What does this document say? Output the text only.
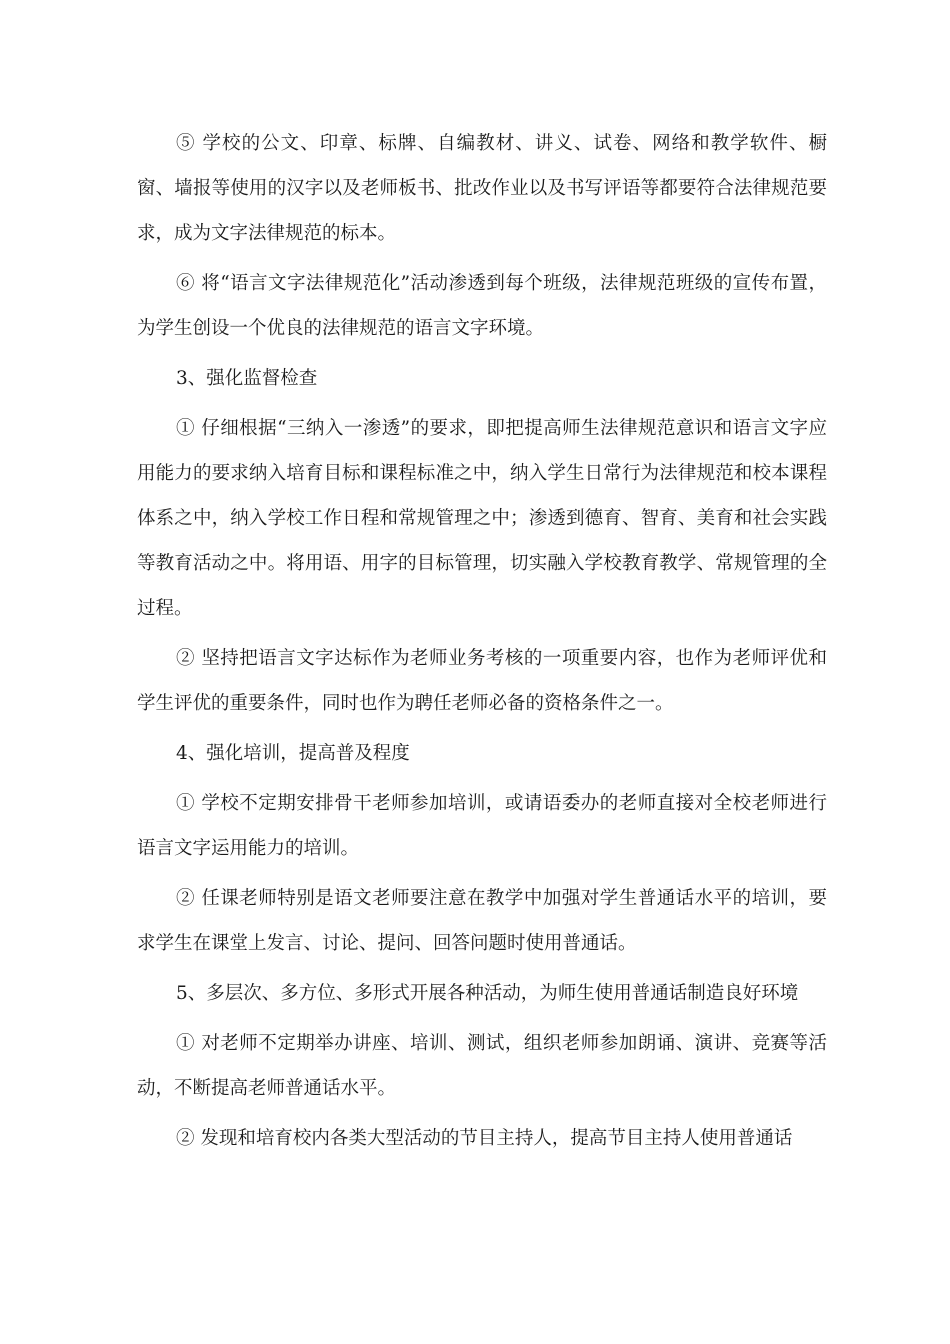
⑤ 学校的公文、印章、标牌、自编教材、讲义、试卷、网络和教学软件、橱窗、墙报等使用的汉字以及老师板书、批改作业以及书写评语等都要符合法律规范要求，成为文字法律规范的标本。

⑥ 将“语言文字法律规范化”活动渗透到每个班级，法律规范班级的宣传布置，为学生创设一个优良的法律规范的语言文字环境。

3、强化监督检查

① 仔细根据“三纳入一渗透”的要求，即把提高师生法律规范意识和语言文字应用能力的要求纳入培育目标和课程标准之中，纳入学生日常行为法律规范和校本课程体系之中，纳入学校工作日程和常规管理之中；渗透到德育、智育、美育和社会实践等教育活动之中。将用语、用字的目标管理，切实融入学校教育教学、常规管理的全过程。

② 坚持把语言文字达标作为老师业务考核的一项重要内容，也作为老师评优和学生评优的重要条件，同时也作为聘任老师必备的资格条件之一。

4、强化培训，提高普及程度

① 学校不定期安排骨干老师参加培训，或请语委办的老师直接对全校老师进行语言文字运用能力的培训。

② 任课老师特别是语文老师要注意在教学中加强对学生普通话水平的培训，要求学生在课堂上发言、讨论、提问、回答问题时使用普通话。

5、多层次、多方位、多形式开展各种活动，为师生使用普通话制造良好环境

① 对老师不定期举办讲座、培训、测试，组织老师参加朗诵、演讲、竞赛等活动，不断提高老师普通话水平。

② 发现和培育校内各类大型活动的节目主持人，提高节目主持人使用普通话
